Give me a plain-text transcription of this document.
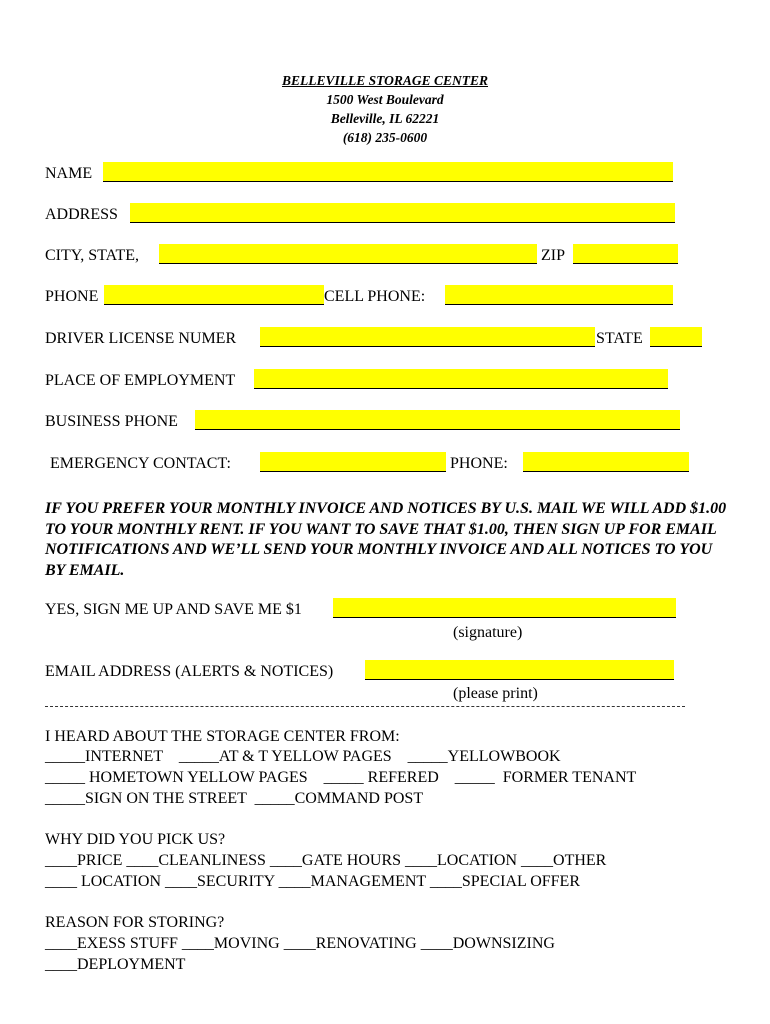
BELLEVILLE STORAGE CENTER
1500 West Boulevard
Belleville, IL 62221
(618) 235-0600
NAME
ADDRESS
CITY, STATE,	ZIP
PHONE	CELL PHONE:
DRIVER LICENSE NUMER	STATE
PLACE OF EMPLOYMENT
BUSINESS PHONE
EMERGENCY CONTACT:	PHONE:
IF YOU PREFER YOUR MONTHLY INVOICE AND NOTICES BY U.S. MAIL WE WILL ADD $1.00 TO YOUR MONTHLY RENT. IF YOU WANT TO SAVE THAT $1.00, THEN SIGN UP FOR EMAIL NOTIFICATIONS AND WE’LL SEND YOUR MONTHLY INVOICE AND ALL NOTICES TO YOU BY EMAIL.
YES, SIGN ME UP AND SAVE ME $1
(signature)
EMAIL ADDRESS (ALERTS & NOTICES)
(please print)
I HEARD ABOUT THE STORAGE CENTER FROM:
_____INTERNET    _____AT & T YELLOW PAGES    _____YELLOWBOOK
_____ HOMETOWN YELLOW PAGES    _____ REFERED    _____  FORMER TENANT
_____SIGN ON THE STREET  _____COMMAND POST
WHY DID YOU PICK US?
____PRICE ____CLEANLINESS ____GATE HOURS ____LOCATION ____OTHER
____ LOCATION ____SECURITY ____MANAGEMENT ____SPECIAL OFFER
REASON FOR STORING?
____EXESS STUFF ____MOVING ____RENOVATING ____DOWNSIZING
____DEPLOYMENT
